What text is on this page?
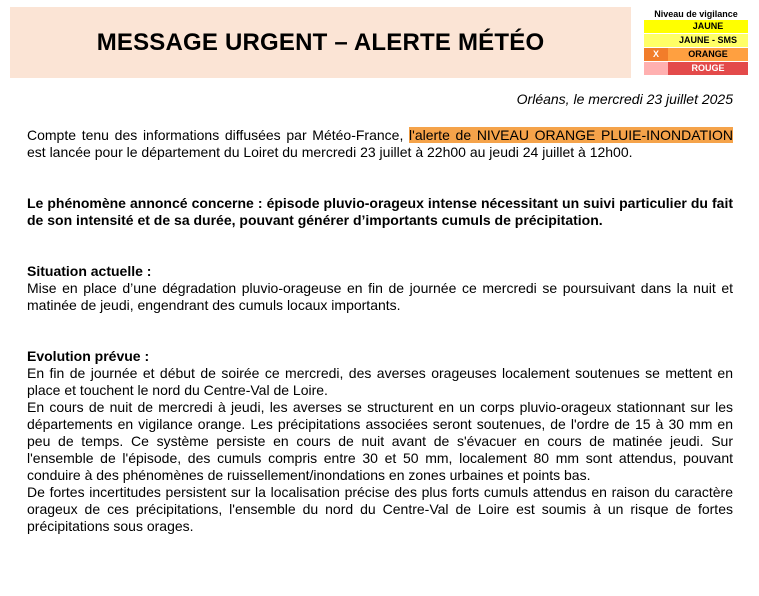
MESSAGE URGENT – ALERTE MÉTÉO
Niveau de vigilance
JAUNE
JAUNE - SMS
X	ORANGE
ROUGE
Orléans, le mercredi 23 juillet 2025

Compte tenu des informations diffusées par Météo-France, l'alerte de NIVEAU ORANGE PLUIE-INONDATION est lancée pour le département du Loiret du mercredi 23 juillet à 22h00 au jeudi 24 juillet à 12h00.

Le phénomène annoncé concerne : épisode pluvio-orageux intense nécessitant un suivi particulier du fait de son intensité et de sa durée, pouvant générer d’importants cumuls de précipitation.

Situation actuelle :

Mise en place d’une dégradation pluvio-orageuse en fin de journée ce mercredi se poursuivant dans la nuit et matinée de jeudi, engendrant des cumuls locaux importants.

Evolution prévue :

En fin de journée et début de soirée ce mercredi, des averses orageuses localement soutenues se mettent en place et touchent le nord du Centre-Val de Loire.

En cours de nuit de mercredi à jeudi, les averses se structurent en un corps pluvio-orageux stationnant sur les départements en vigilance orange. Les précipitations associées seront soutenues, de l'ordre de 15 à 30 mm en peu de temps. Ce système persiste en cours de nuit avant de s'évacuer en cours de matinée jeudi. Sur l'ensemble de l'épisode, des cumuls compris entre 30 et 50 mm, localement 80 mm sont attendus, pouvant conduire à des phénomènes de ruissellement/inondations en zones urbaines et points bas.

De fortes incertitudes persistent sur la localisation précise des plus forts cumuls attendus en raison du caractère orageux de ces précipitations, l'ensemble du nord du Centre-Val de Loire est soumis à un risque de fortes précipitations sous orages.
